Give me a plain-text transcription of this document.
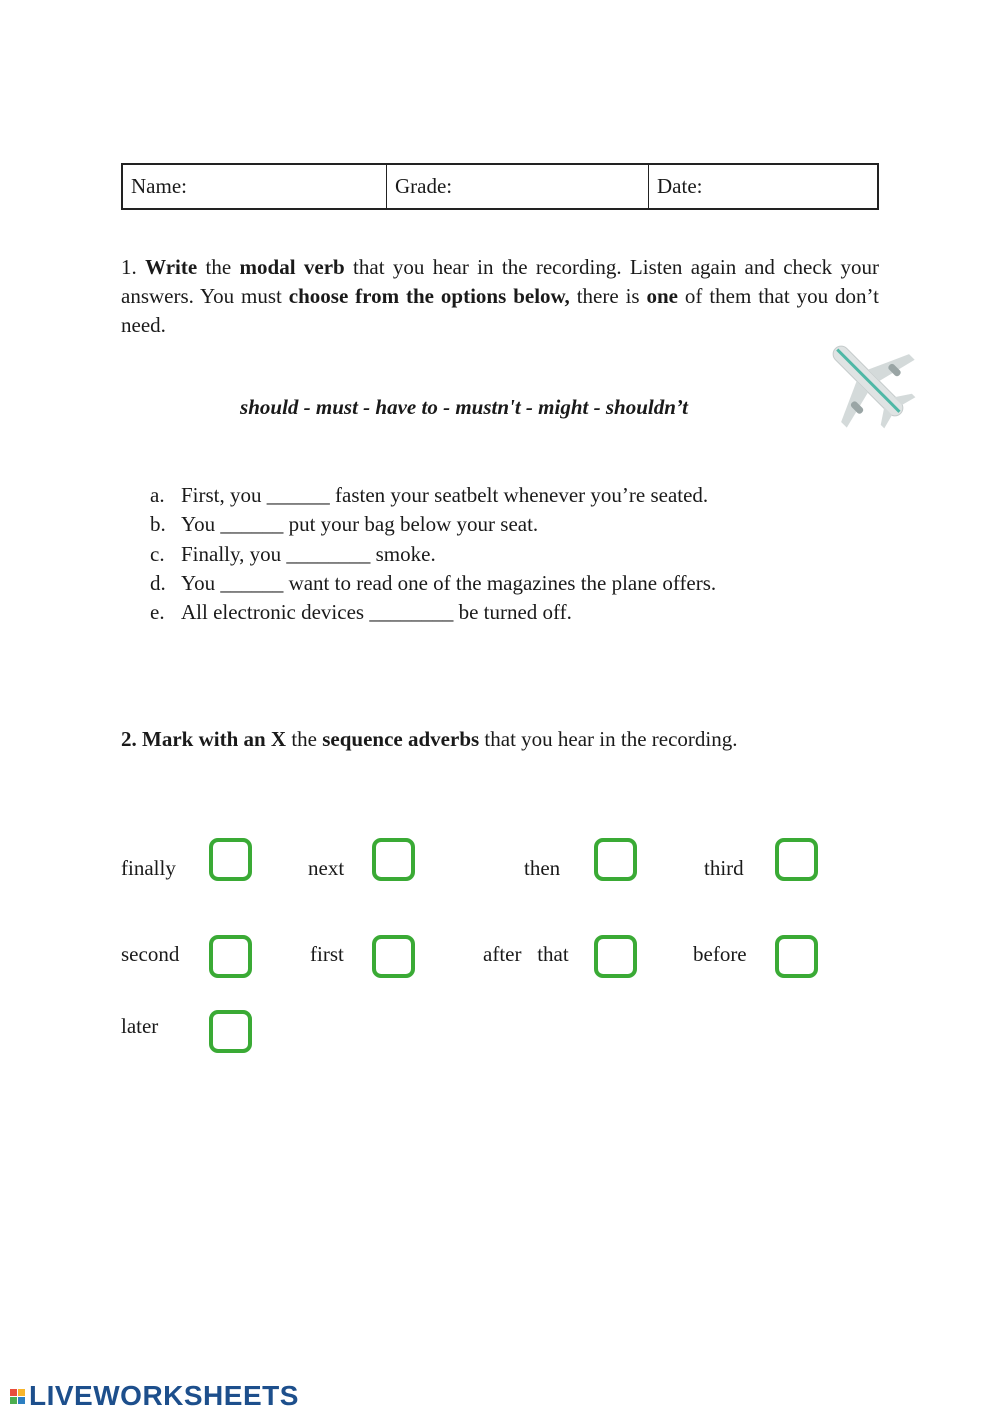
Name:	Grade:	Date:

1. Write the modal verb that you hear in the recording. Listen again and check your answers. You must choose from the options below, there is one of them that you don’t need.

should - must - have to - mustn't - might - shouldn’t

a. First, you ______ fasten your seatbelt whenever you’re seated.
b. You ______ put your bag below your seat.
c. Finally, you ________ smoke.
d. You ______ want to read one of the magazines the plane offers.
e. All electronic devices ________ be turned off.

2. Mark with an X the sequence adverbs that you hear in the recording.

finally	next	then	third
second	first	after   that	before
later
LIVEWORKSHEETS
